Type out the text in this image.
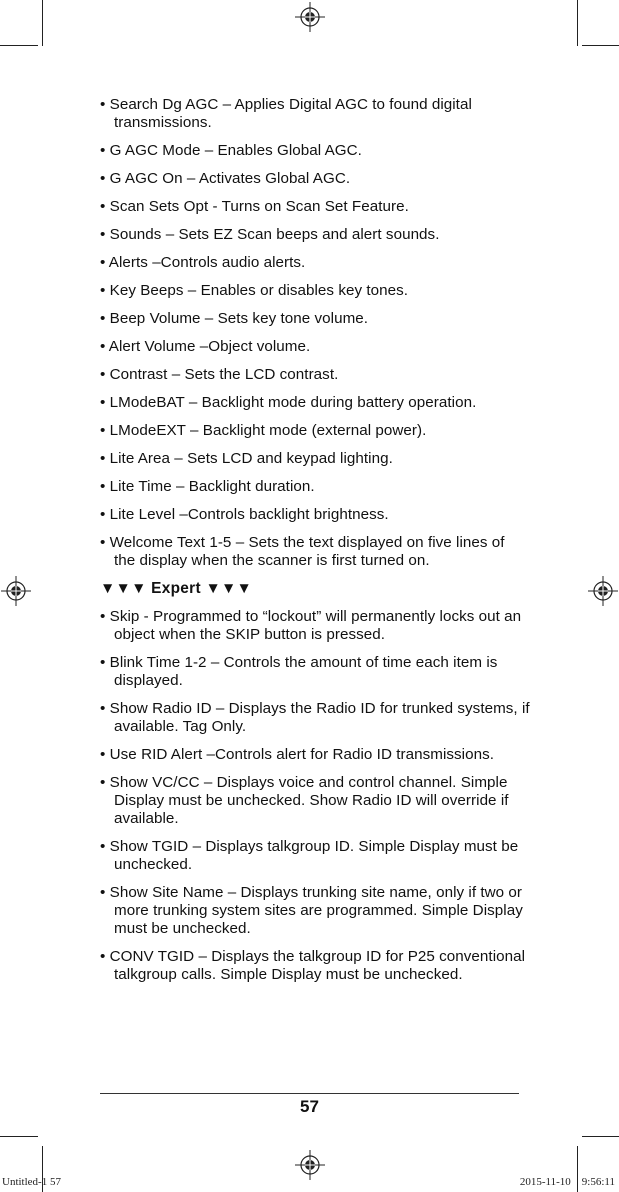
• Search Dg AGC – Applies Digital AGC to found digital transmissions.
• G AGC Mode – Enables Global AGC.
• G AGC On – Activates Global AGC.
• Scan Sets Opt - Turns on Scan Set Feature.
• Sounds – Sets EZ Scan beeps and alert sounds.
• Alerts –Controls audio alerts.
• Key Beeps – Enables or disables key tones.
• Beep Volume – Sets key tone volume.
• Alert Volume –Object volume.
• Contrast – Sets the LCD contrast.
• LModeBAT – Backlight mode during battery operation.
• LModeEXT – Backlight mode (external power).
• Lite Area – Sets LCD and keypad lighting.
• Lite Time – Backlight duration.
• Lite Level –Controls backlight brightness.
• Welcome Text 1-5 – Sets the text displayed on five lines of the display when the scanner is first turned on.
▼▼▼ Expert ▼▼▼
• Skip - Programmed to “lockout” will permanently locks out an object when the SKIP button is pressed.
• Blink Time 1-2 – Controls the amount of time each item is displayed.
• Show Radio ID – Displays the Radio ID for trunked systems, if available. Tag Only.
• Use RID Alert –Controls alert for Radio ID transmissions.
• Show VC/CC – Displays voice and control channel. Simple Display must be unchecked. Show Radio ID will override if available.
• Show TGID – Displays talkgroup ID. Simple Display must be unchecked.
• Show Site Name – Displays trunking site name, only if two or more trunking system sites are programmed. Simple Display must be unchecked.
• CONV TGID – Displays the talkgroup ID for P25 conventional talkgroup calls. Simple Display must be unchecked.
57
Untitled-1 57	2015-11-10    9:56:11
